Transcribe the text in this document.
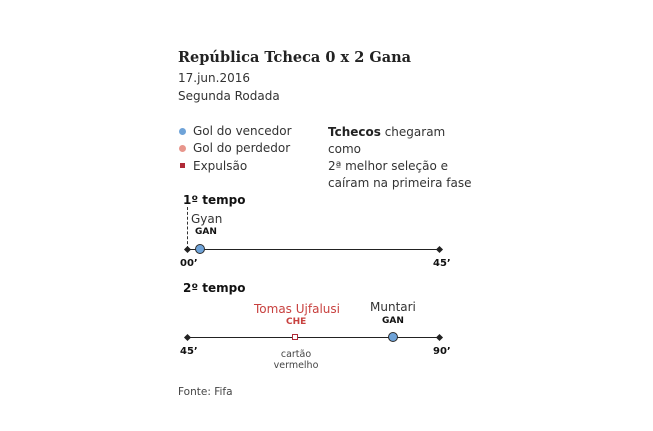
República Tcheca 0 x 2 Gana
17.jun.2016
Segunda Rodada
Gol do vencedor
Gol do perdedor
Expulsão
Tchecos chegaram como
2ª melhor seleção e
caíram na primeira fase
1º tempo
Gyan
GAN
00’	45’
2º tempo
Tomas Ujfalusi
CHE
Muntari
GAN
45’	90’
cartão
vermelho
Fonte: Fifa
